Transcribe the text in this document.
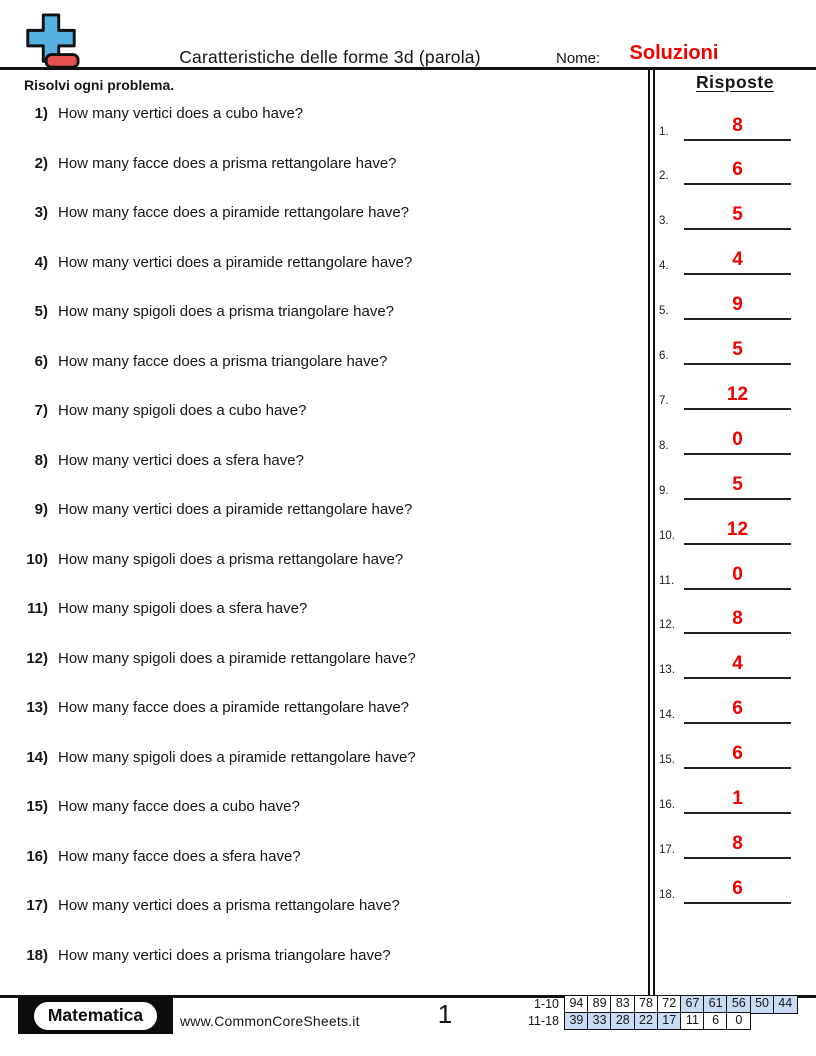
Caratteristiche delle forme 3d (parola)	Nome:	Soluzioni
Risolvi ogni problema.
1) How many vertici does a cubo have?
2) How many facce does a prisma rettangolare have?
3) How many facce does a piramide rettangolare have?
4) How many vertici does a piramide rettangolare have?
5) How many spigoli does a prisma triangolare have?
6) How many facce does a prisma triangolare have?
7) How many spigoli does a cubo have?
8) How many vertici does a sfera have?
9) How many vertici does a piramide rettangolare have?
10) How many spigoli does a prisma rettangolare have?
11) How many spigoli does a sfera have?
12) How many spigoli does a piramide rettangolare have?
13) How many facce does a piramide rettangolare have?
14) How many spigoli does a piramide rettangolare have?
15) How many facce does a cubo have?
16) How many facce does a sfera have?
17) How many vertici does a prisma rettangolare have?
18) How many vertici does a prisma triangolare have?
Risposte
1.	8
2.	6
3.	5
4.	4
5.	9
6.	5
7.	12
8.	0
9.	5
10.	12
11.	0
12.	8
13.	4
14.	6
15.	6
16.	1
17.	8
18.	6
Matematica	www.CommonCoreSheets.it	1	1-10 94 89 83 78 72 67 61 56 50 44
11-18 39 33 28 22 17 11	6	0
